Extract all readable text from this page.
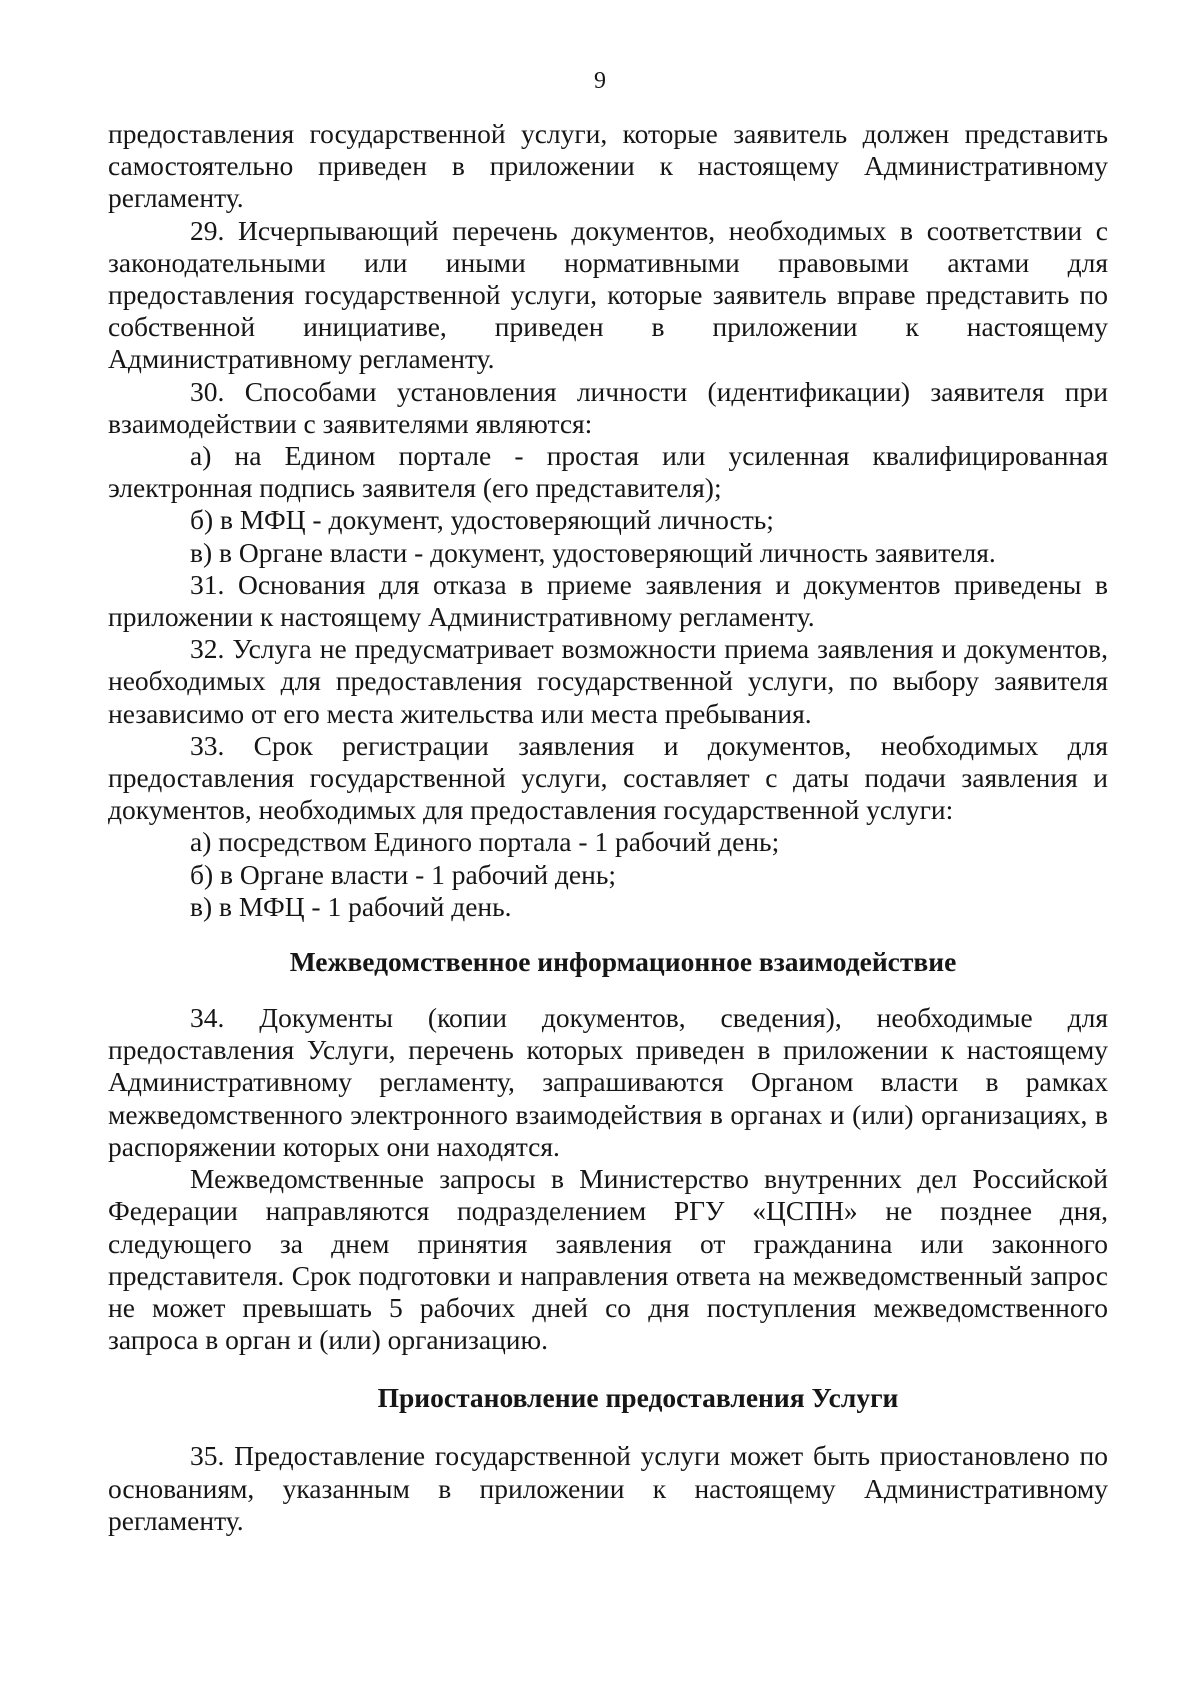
9

предоставления государственной услуги, которые заявитель должен представить самостоятельно приведен в приложении к настоящему Административному регламенту.

29. Исчерпывающий перечень документов, необходимых в соответствии с законодательными или иными нормативными правовыми актами для предоставления государственной услуги, которые заявитель вправе представить по собственной инициативе, приведен в приложении к настоящему Административному регламенту.

30. Способами установления личности (идентификации) заявителя при взаимодействии с заявителями являются:

а) на Едином портале - простая или усиленная квалифицированная электронная подпись заявителя (его представителя);

б) в МФЦ - документ, удостоверяющий личность;

в) в Органе власти - документ, удостоверяющий личность заявителя.

31. Основания для отказа в приеме заявления и документов приведены в приложении к настоящему Административному регламенту.

32. Услуга не предусматривает возможности приема заявления и документов, необходимых для предоставления государственной услуги, по выбору заявителя независимо от его места жительства или места пребывания.

33. Срок регистрации заявления и документов, необходимых для предоставления государственной услуги, составляет с даты подачи заявления и документов, необходимых для предоставления государственной услуги:

а) посредством Единого портала - 1 рабочий день;

б) в Органе власти - 1 рабочий день;

в) в МФЦ - 1 рабочий день.

Межведомственное информационное взаимодействие

34. Документы (копии документов, сведения), необходимые для предоставления Услуги, перечень которых приведен в приложении к настоящему Административному регламенту, запрашиваются Органом власти в рамках межведомственного электронного взаимодействия в органах и (или) организациях, в распоряжении которых они находятся.

Межведомственные запросы в Министерство внутренних дел Российской Федерации направляются подразделением РГУ «ЦСПН» не позднее дня, следующего за днем принятия заявления от гражданина или законного представителя. Срок подготовки и направления ответа на межведомственный запрос не может превышать 5 рабочих дней со дня поступления межведомственного запроса в орган и (или) организацию.

Приостановление предоставления Услуги

35. Предоставление государственной услуги может быть приостановлено по основаниям, указанным в приложении к настоящему Административному регламенту.
